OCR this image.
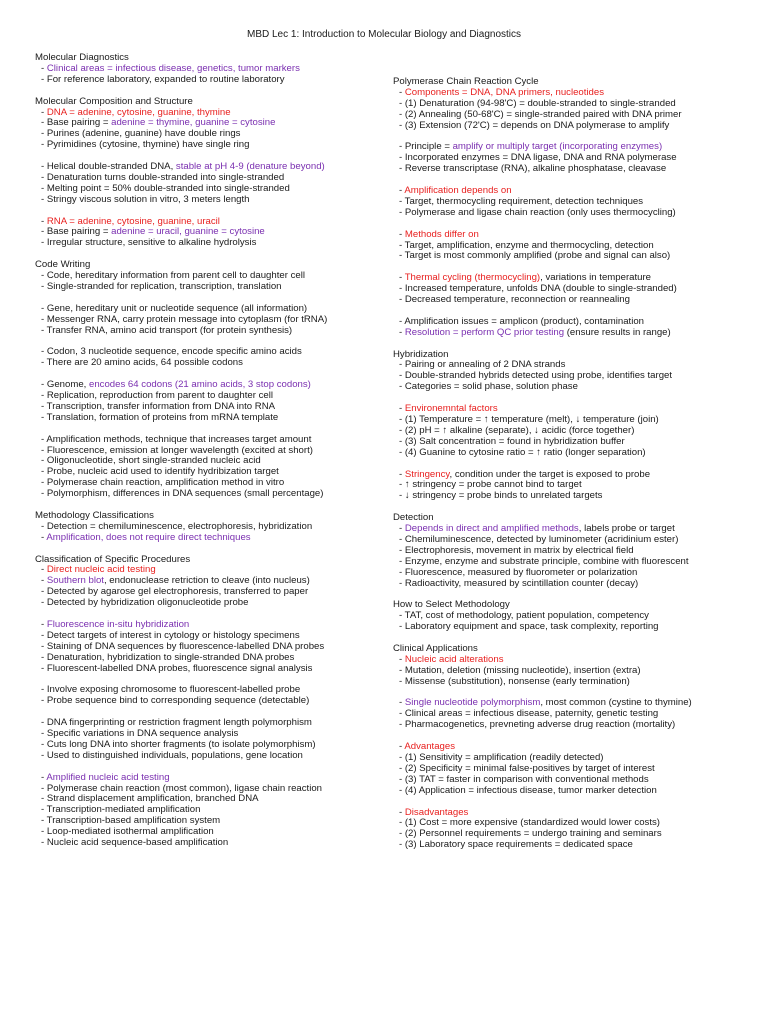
MBD Lec 1: Introduction to Molecular Biology and Diagnostics
Molecular Diagnostics
- Clinical areas = infectious disease, genetics, tumor markers
- For reference laboratory, expanded to routine laboratory
Molecular Composition and Structure
- DNA = adenine, cytosine, guanine, thymine
- Base pairing = adenine = thymine, guanine = cytosine
- Purines (adenine, guanine) have double rings
- Pyrimidines (cytosine, thymine) have single ring
- Helical double-stranded DNA, stable at pH 4-9 (denature beyond)
- Denaturation turns double-stranded into single-stranded
- Melting point = 50% double-stranded into single-stranded
- Stringy viscous solution in vitro, 3 meters length
- RNA = adenine, cytosine, guanine, uracil
- Base pairing = adenine = uracil, guanine = cytosine
- Irregular structure, sensitive to alkaline hydrolysis
Code Writing
- Code, hereditary information from parent cell to daughter cell
- Single-stranded for replication, transcription, translation
- Gene, hereditary unit or nucleotide sequence (all information)
- Messenger RNA, carry protein message into cytoplasm (for tRNA)
- Transfer RNA, amino acid transport (for protein synthesis)
- Codon, 3 nucleotide sequence, encode specific amino acids
- There are 20 amino acids, 64 possible codons
- Genome, encodes 64 codons (21 amino acids, 3 stop codons)
- Replication, reproduction from parent to daughter cell
- Transcription, transfer information from DNA into RNA
- Translation, formation of proteins from mRNA template
- Amplification methods, technique that increases target amount
- Fluorescence, emission at longer wavelength (excited at short)
- Oligonucleotide, short single-stranded nucleic acid
- Probe, nucleic acid used to identify hydribization target
- Polymerase chain reaction, amplification method in vitro
- Polymorphism, differences in DNA sequences (small percentage)
Methodology Classifications
- Detection = chemiluminescence, electrophoresis, hybridization
- Amplification, does not require direct techniques
Classification of Specific Procedures
- Direct nucleic acid testing
- Southern blot, endonuclease retriction to cleave (into nucleus)
- Detected by agarose gel electrophoresis, transferred to paper
- Detected by hybridization oligonucleotide probe
- Fluorescence in-situ hybridization
- Detect targets of interest in cytology or histology specimens
- Staining of DNA sequences by fluorescence-labelled DNA probes
- Denaturation, hybridization to single-stranded DNA probes
- Fluorescent-labelled DNA probes, fluorescence signal analysis
- Involve exposing chromosome to fluorescent-labelled probe
- Probe sequence bind to corresponding sequence (detectable)
- DNA fingerprinting or restriction fragment length polymorphism
- Specific variations in DNA sequence analysis
- Cuts long DNA into shorter fragments (to isolate polymorphism)
- Used to distinguished individuals, populations, gene location
- Amplified nucleic acid testing
- Polymerase chain reaction (most common), ligase chain reaction
- Strand displacement amplification, branched DNA
- Transcription-mediated amplification
- Transcription-based amplification system
- Loop-mediated isothermal amplification
- Nucleic acid sequence-based amplification
Polymerase Chain Reaction Cycle
- Components = DNA, DNA primers, nucleotides
- (1) Denaturation (94-98'C) = double-stranded to single-stranded
- (2) Annealing (50-68'C) = single-stranded paired with DNA primer
- (3) Extension (72'C) = depends on DNA polymerase to amplify
- Principle = amplify or multiply target (incorporating enzymes)
- Incorporated enzymes = DNA ligase, DNA and RNA polymerase
- Reverse transcriptase (RNA), alkaline phosphatase, cleavase
- Amplification depends on
- Target, thermocycling requirement, detection techniques
- Polymerase and ligase chain reaction (only uses thermocycling)
- Methods differ on
- Target, amplification, enzyme and thermocycling, detection
- Target is most commonly amplified (probe and signal can also)
- Thermal cycling (thermocycling), variations in temperature
- Increased temperature, unfolds DNA (double to single-stranded)
- Decreased temperature, reconnection or reannealing
- Amplification issues = amplicon (product), contamination
- Resolution = perform QC prior testing (ensure results in range)
Hybridization
- Pairing or annealing of 2 DNA strands
- Double-stranded hybrids detected using probe, identifies target
- Categories = solid phase, solution phase
- Environemntal factors
- (1) Temperature = ↑ temperature (melt), ↓ temperature (join)
- (2) pH = ↑ alkaline (separate), ↓ acidic (force together)
- (3) Salt concentration = found in hybridization buffer
- (4) Guanine to cytosine ratio = ↑ ratio (longer separation)
- Stringency, condition under the target is exposed to probe
- ↑ stringency = probe cannot bind to target
- ↓ stringency = probe binds to unrelated targets
Detection
- Depends in direct and amplified methods, labels probe or target
- Chemiluminescence, detected by luminometer (acridinium ester)
- Electrophoresis, movement in matrix by electrical field
- Enzyme, enzyme and substrate principle, combine with fluorescent
- Fluorescence, measured by fluorometer or polarization
- Radioactivity, measured by scintillation counter (decay)
How to Select Methodology
- TAT, cost of methodology, patient population, competency
- Laboratory equipment and space, task complexity, reporting
Clinical Applications
- Nucleic acid alterations
- Mutation, deletion (missing nucleotide), insertion (extra)
- Missense (substitution), nonsense (early termination)
- Single nucleotide polymorphism, most common (cystine to thymine)
- Clinical areas = infectious disease, paternity, genetic testing
- Pharmacogenetics, prevneting adverse drug reaction (mortality)
- Advantages
- (1) Sensitivity = amplification (readily detected)
- (2) Specificity = minimal false-positives by target of interest
- (3) TAT = faster in comparison with conventional methods
- (4) Application = infectious disease, tumor marker detection
- Disadvantages
- (1) Cost = more expensive (standardized would lower costs)
- (2) Personnel requirements = undergo training and seminars
- (3) Laboratory space requirements = dedicated space
